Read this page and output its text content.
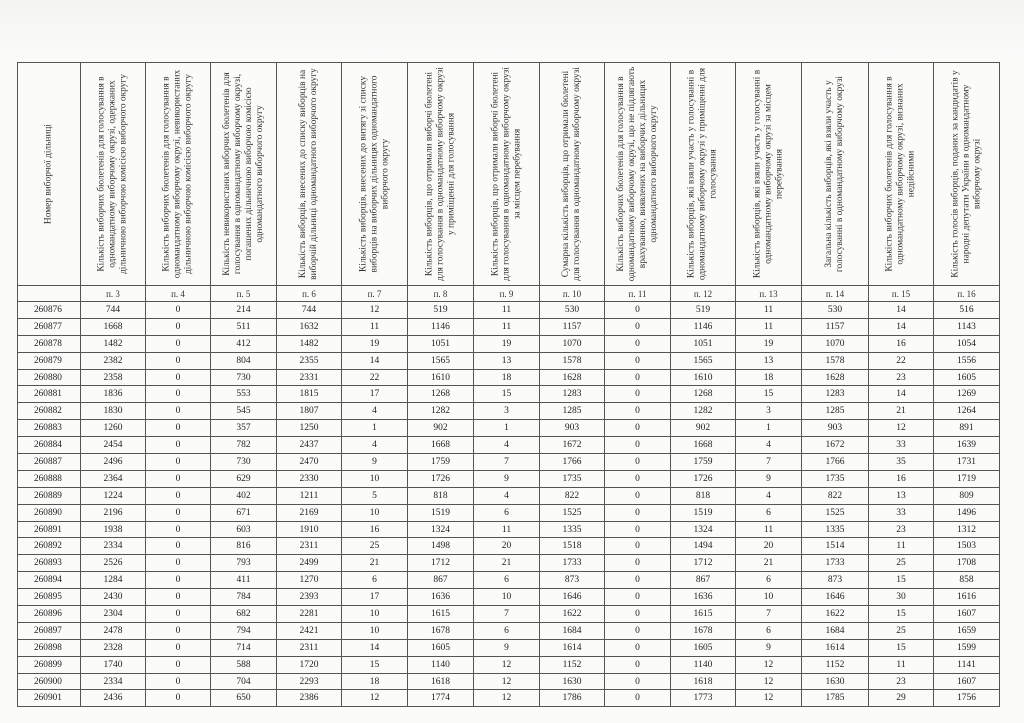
Номер виборчої дільниці	Кількість виборчих бюлетенів для голосування в одномандатному виборчому окрузі, одержаних дільничною виборчою комісією виборчого округу	Кількість виборчих бюлетенів для голосування в одномандатному виборчому окрузі, невикористаних дільничною виборчою комісією виборчого округу	Кількість невикористаних виборчих бюлетенів для голосування в одномандатному виборчому окрузі, погашених дільничною виборчою комісією одномандатного виборчого округу	Кількість виборців, внесених до списку виборців на виборчій дільниці одномандатного виборчого округу	Кількість виборців, внесених до витягу зі списку виборців на виборчих дільницях одномандатного виборчого округу	Кількість виборців, що отримали виборчі бюлетені для голосування в одномандатному виборчому окрузі у приміщенні для голосування	Кількість виборців, що отримали виборчі бюлетені для голосування в одномандатному виборчому окрузі за місцем перебування	Сумарна кількість виборців, що отримали бюлетені для голосування в одномандатному виборчому окрузі	Кількість виборчих бюлетенів для голосування в одномандатному виборчому окрузі, що не підлягають врахуванню, виявлених на виборчих дільницях одномандатного виборчого округу	Кількість виборців, які взяли участь у голосуванні в одномандатному виборчому окрузі у приміщенні для голосування	Кількість виборців, які взяли участь у голосуванні в одномандатному виборчому окрузі за місцем перебування	Загальна кількість виборців, які взяли участь у голосуванні в одномандатному виборчому окрузі	Кількість виборчих бюлетенів для голосування в одномандатному виборчому окрузі, визнаних недійсними	Кількість голосів виборців, поданих за кандидатів у народні депутати України в одномандатному виборчому окрузі

	п. 3	п. 4	п. 5	п. 6	п. 7	п. 8	п. 9	п. 10	п. 11	п. 12	п. 13	п. 14	п. 15	п. 16
260876	744	0	214	744	12	519	11	530	0	519	11	530	14	516
260877	1668	0	511	1632	11	1146	11	1157	0	1146	11	1157	14	1143
260878	1482	0	412	1482	19	1051	19	1070	0	1051	19	1070	16	1054
260879	2382	0	804	2355	14	1565	13	1578	0	1565	13	1578	22	1556
260880	2358	0	730	2331	22	1610	18	1628	0	1610	18	1628	23	1605
260881	1836	0	553	1815	17	1268	15	1283	0	1268	15	1283	14	1269
260882	1830	0	545	1807	4	1282	3	1285	0	1282	3	1285	21	1264
260883	1260	0	357	1250	1	902	1	903	0	902	1	903	12	891
260884	2454	0	782	2437	4	1668	4	1672	0	1668	4	1672	33	1639
260887	2496	0	730	2470	9	1759	7	1766	0	1759	7	1766	35	1731
260888	2364	0	629	2330	10	1726	9	1735	0	1726	9	1735	16	1719
260889	1224	0	402	1211	5	818	4	822	0	818	4	822	13	809
260890	2196	0	671	2169	10	1519	6	1525	0	1519	6	1525	33	1496
260891	1938	0	603	1910	16	1324	11	1335	0	1324	11	1335	23	1312
260892	2334	0	816	2311	25	1498	20	1518	0	1494	20	1514	11	1503
260893	2526	0	793	2499	21	1712	21	1733	0	1712	21	1733	25	1708
260894	1284	0	411	1270	6	867	6	873	0	867	6	873	15	858
260895	2430	0	784	2393	17	1636	10	1646	0	1636	10	1646	30	1616
260896	2304	0	682	2281	10	1615	7	1622	0	1615	7	1622	15	1607
260897	2478	0	794	2421	10	1678	6	1684	0	1678	6	1684	25	1659
260898	2328	0	714	2311	14	1605	9	1614	0	1605	9	1614	15	1599
260899	1740	0	588	1720	15	1140	12	1152	0	1140	12	1152	11	1141
260900	2334	0	704	2293	18	1618	12	1630	0	1618	12	1630	23	1607
260901	2436	0	650	2386	12	1774	12	1786	0	1773	12	1785	29	1756
